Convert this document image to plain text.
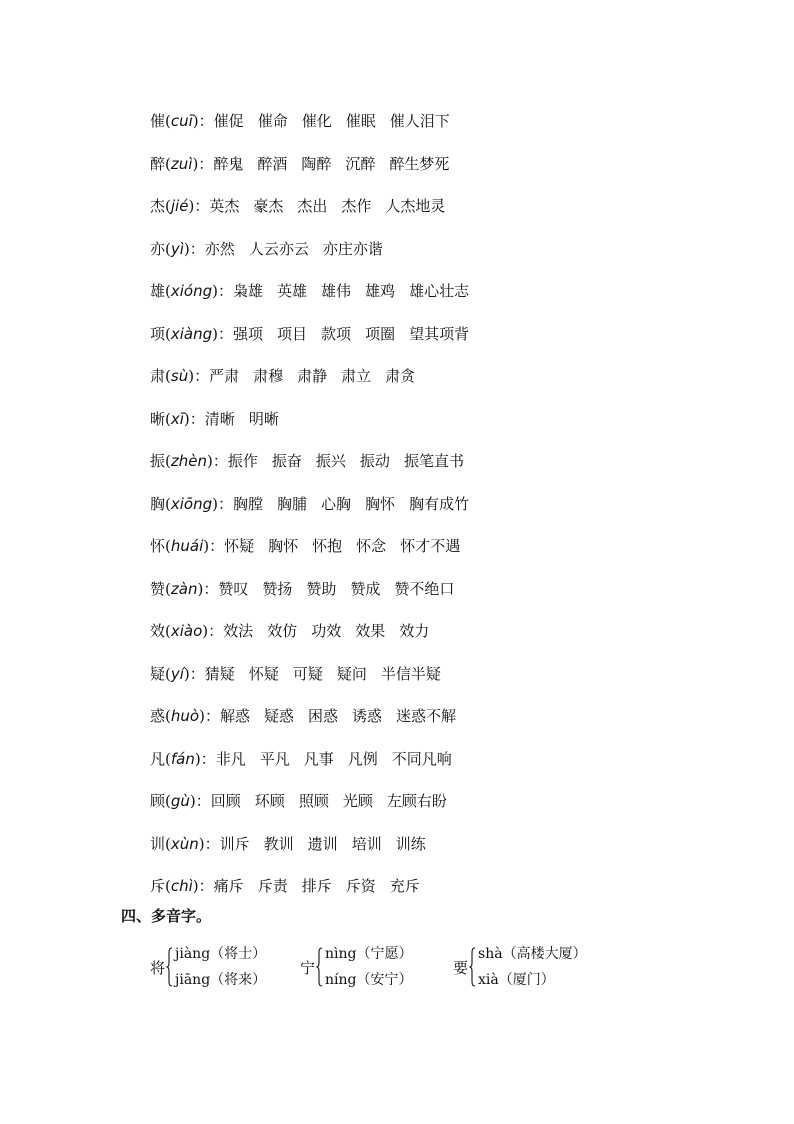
催(cuī)：催促 催命 催化 催眠 催人泪下
醉(zuì)：醉鬼 醉酒 陶醉 沉醉 醉生梦死
杰(jié)：英杰 豪杰 杰出 杰作 人杰地灵
亦(yì)：亦然 人云亦云 亦庄亦谐
雄(xióng)：枭雄 英雄 雄伟 雄鸡 雄心壮志
项(xiàng)：强项 项目 款项 项圈 望其项背
肃(sù)：严肃 肃穆 肃静 肃立 肃贪
晰(xī)：清晰 明晰
振(zhèn)：振作 振奋 振兴 振动 振笔直书
胸(xiōng)：胸膛 胸脯 心胸 胸怀 胸有成竹
怀(huái)：怀疑 胸怀 怀抱 怀念 怀才不遇
赞(zàn)：赞叹 赞扬 赞助 赞成 赞不绝口
效(xiào)：效法 效仿 功效 效果 效力
疑(yí)：猜疑 怀疑 可疑 疑问 半信半疑
惑(huò)：解惑 疑惑 困惑 诱惑 迷惑不解
凡(fán)：非凡 平凡 凡事 凡例 不同凡响
顾(gù)：回顾 环顾 照顾 光顾 左顾右盼
训(xùn)：训斥 教训 遗训 培训 训练
斥(chì)：痛斥 斥责 排斥 斥资 充斥
四、多音字。
将
jiàng（将士）
jiāng（将来）
宁
nìng（宁愿）
níng（安宁）
要
shà（高楼大厦）
xià（厦门）
